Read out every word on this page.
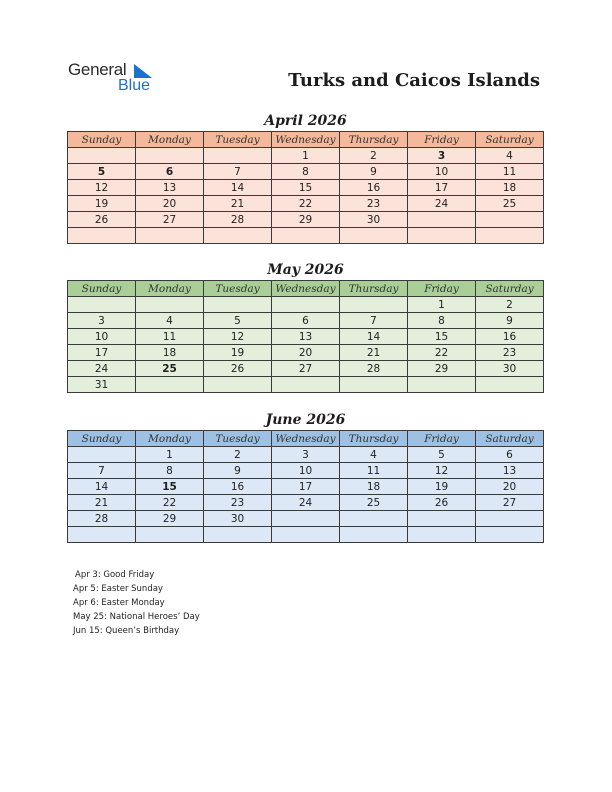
General
Blue	Turks and Caicos Islands
April 2026
Sunday	Monday	Tuesday	Wednesday	Thursday	Friday	Saturday
			1	2	3	4
5	6	7	8	9	10	11
12	13	14	15	16	17	18
19	20	21	22	23	24	25
26	27	28	29	30		

May 2026
Sunday	Monday	Tuesday	Wednesday	Thursday	Friday	Saturday
					1	2
3	4	5	6	7	8	9
10	11	12	13	14	15	16
17	18	19	20	21	22	23
24	25	26	27	28	29	30
31						
June 2026
Sunday	Monday	Tuesday	Wednesday	Thursday	Friday	Saturday
	1	2	3	4	5	6
7	8	9	10	11	12	13
14	15	16	17	18	19	20
21	22	23	24	25	26	27
28	29	30				

Apr 3: Good Friday
Apr 5: Easter Sunday
Apr 6: Easter Monday
May 25: National Heroes’ Day
Jun 15: Queen’s Birthday
